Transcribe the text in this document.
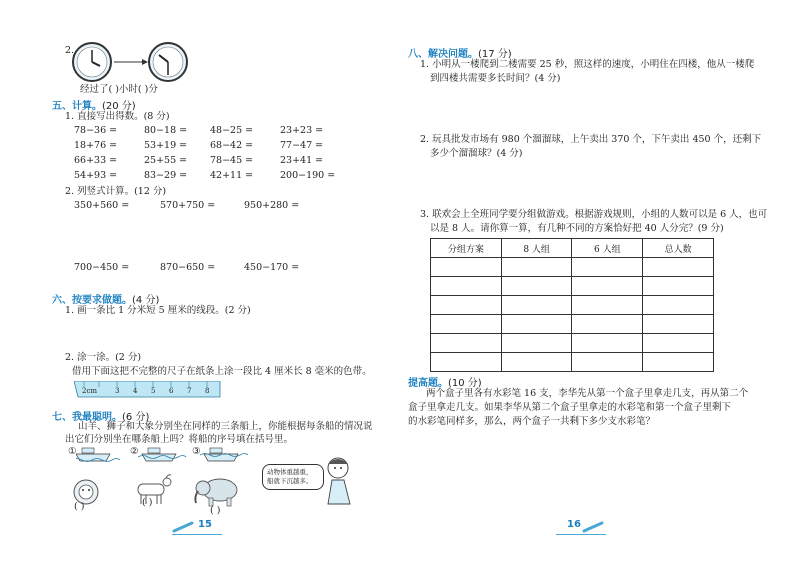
2.
经过了( )小时( )分
五、计算。(20 分)
1. 直接写出得数。(8 分)
78−36 =	80−18 = 48−25 =	23+23 =
18+76 =	53+19 = 68−42 =	77−47 =
66+33 =	25+55 = 78−45 =	23+41 =
54+93 =	83−29 = 42+11 =	200−190 =
2. 列竖式计算。(12 分)
350+560 =	570+750 =	950+280 =
700−450 =	870−650 =	450−170 =
六、按要求做题。(4 分)
1. 画一条比 1 分米短 5 厘米的线段。(2 分)
2. 涂一涂。(2 分)
借用下面这把不完整的尺子在纸条上涂一段比 4 厘米长 8 毫米的色带。
2cm	3 4 5 6 7 8
七、我最聪明。(6 分)
山羊、狮子和大象分别坐在同样的三条船上，你能根据每条船的情况说
出它们分别坐在哪条船上吗？将船的序号填在括号里。
①	②	③
( )	( )
( )
动物体重越重，
船就下沉越多。
15
八、解决问题。(17 分)
1. 小明从一楼爬到二楼需要 25 秒，照这样的速度，小明住在四楼，他从一楼爬
到四楼共需要多长时间？(4 分)
2. 玩具批发市场有 980 个溜溜球，上午卖出 370 个，下午卖出 450 个，还剩下
多少个溜溜球？(4 分)
3. 联欢会上全班同学要分组做游戏。根据游戏规则，小组的人数可以是 6 人，也可
以是 8 人。请你算一算，有几种不同的方案恰好把 40 人分完？(9 分)
分组方案	8 人组	6 人组	总人数

提高题。(10 分)
两个盒子里各有水彩笔 16 支，李华先从第一个盒子里拿走几支，再从第二个
盒子里拿走几支。如果李华从第二个盒子里拿走的水彩笔和第一个盒子里剩下
的水彩笔同样多，那么，两个盒子一共剩下多少支水彩笔？
16
